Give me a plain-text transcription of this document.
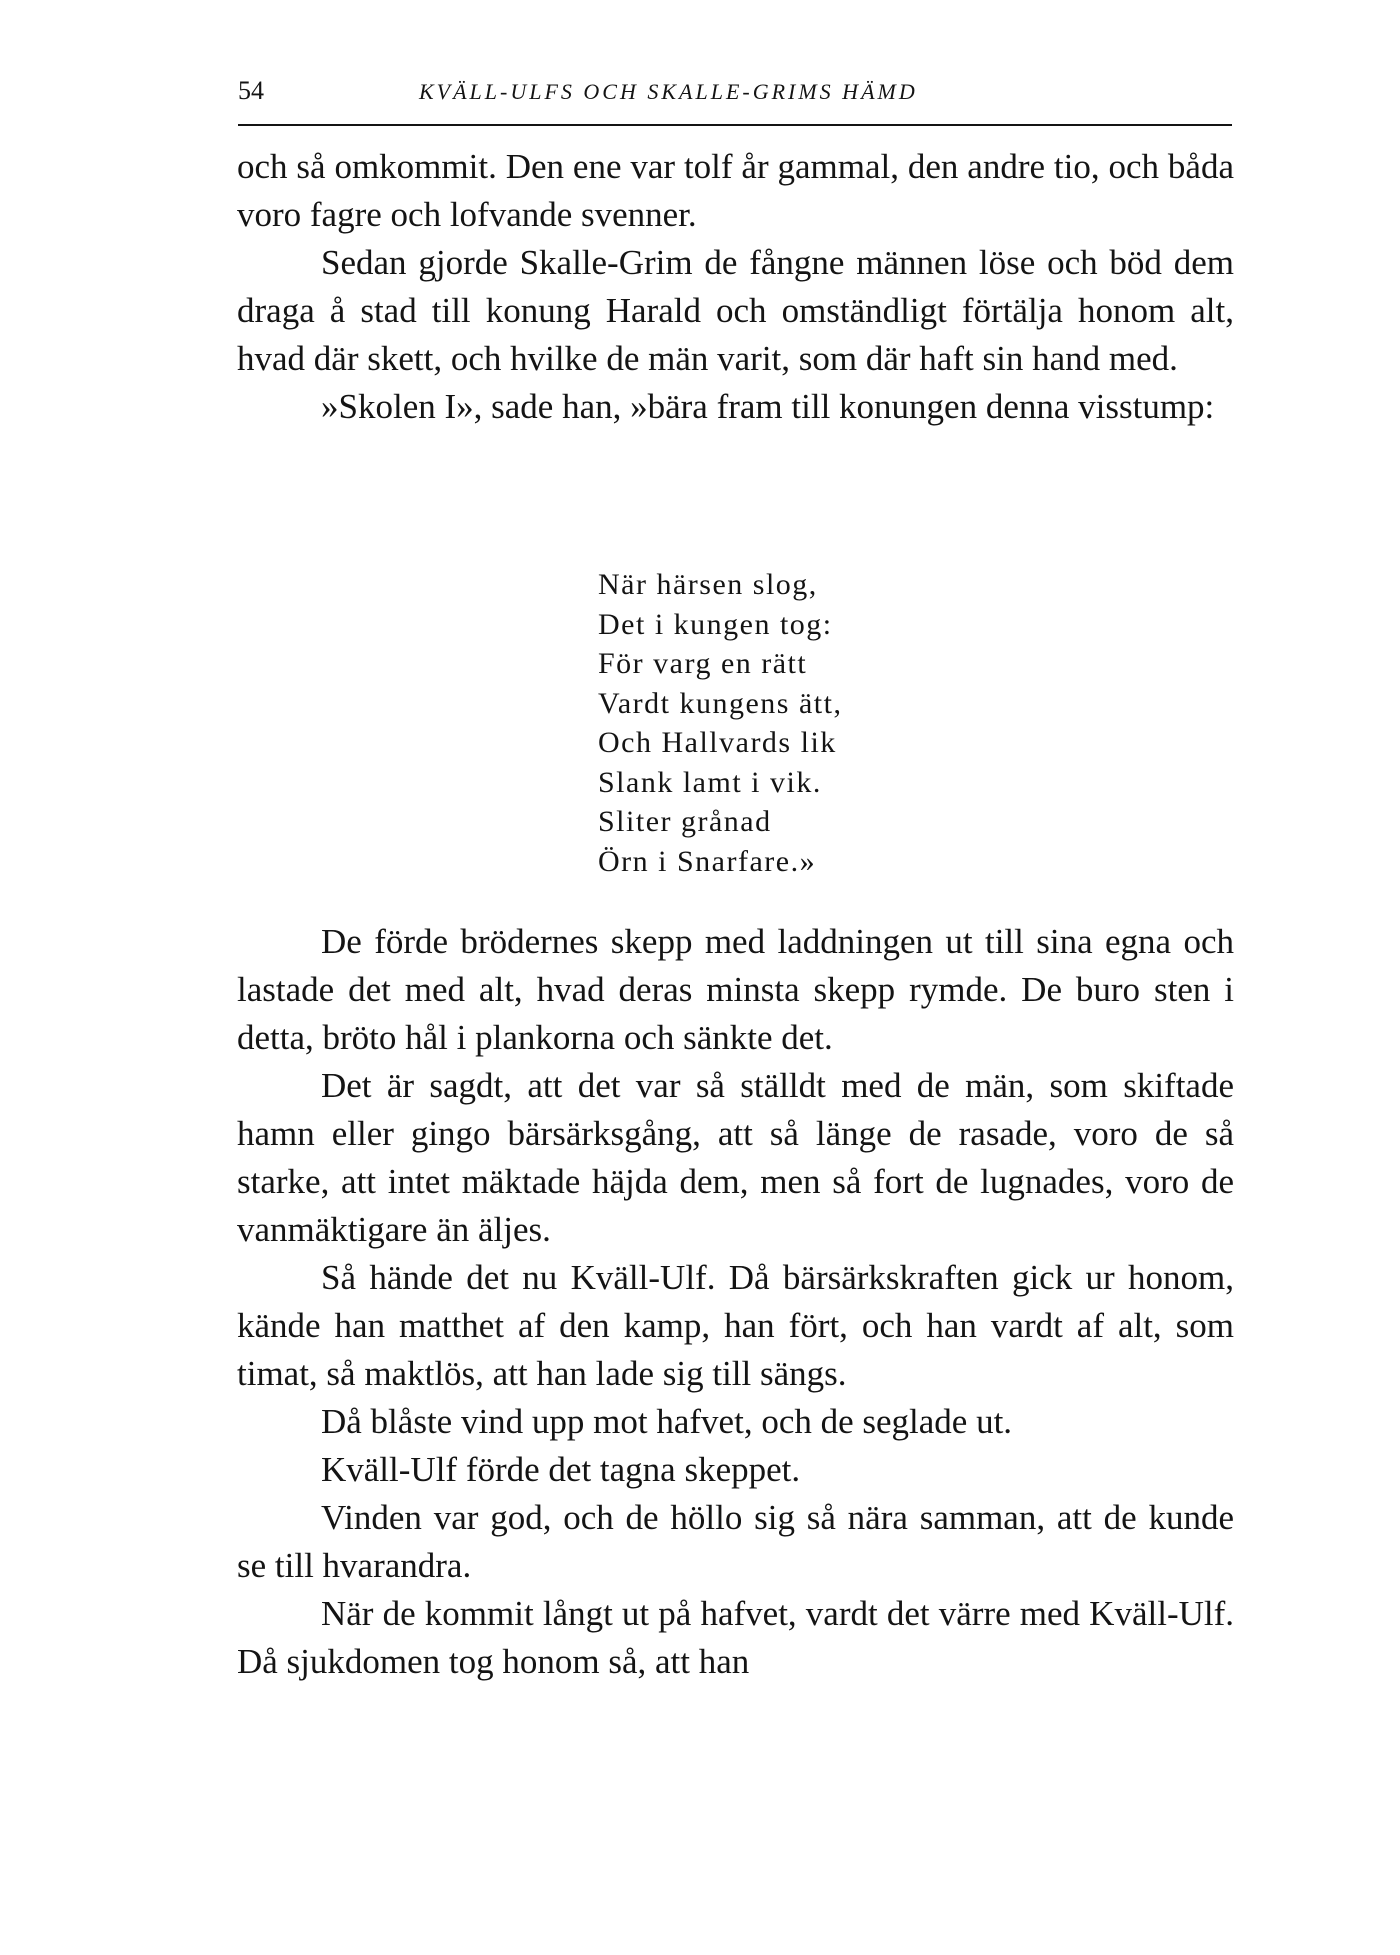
54	KVÄLL-ULFS OCH SKALLE-GRIMS HÄMD

och så omkommit. Den ene var tolf år gammal, den andre tio, och båda voro fagre och lofvande svenner.

Sedan gjorde Skalle-Grim de fångne männen löse och böd dem draga å stad till konung Harald och omständligt förtälja honom alt, hvad där skett, och hvilke de män varit, som där haft sin hand med.

»Skolen I», sade han, »bära fram till konungen denna visstump:

När härsen slog,
Det i kungen tog:
För varg en rätt
Vardt kungens ätt,
Och Hallvards lik
Slank lamt i vik.
Sliter grånad
Örn i Snarfare.»

De förde brödernes skepp med laddningen ut till sina egna och lastade det med alt, hvad deras minsta skepp rymde. De buro sten i detta, bröto hål i plankorna och sänkte det.

Det är sagdt, att det var så ställdt med de män, som skiftade hamn eller gingo bärsärksgång, att så länge de rasade, voro de så starke, att intet mäktade häjda dem, men så fort de lugnades, voro de vanmäktigare än äljes.

Så hände det nu Kväll-Ulf. Då bärsärkskraften gick ur honom, kände han matthet af den kamp, han fört, och han vardt af alt, som timat, så maktlös, att han lade sig till sängs.

Då blåste vind upp mot hafvet, och de seglade ut.

Kväll-Ulf förde det tagna skeppet.

Vinden var god, och de höllo sig så nära samman, att de kunde se till hvarandra.

När de kommit långt ut på hafvet, vardt det värre med Kväll-Ulf. Då sjukdomen tog honom så, att han
